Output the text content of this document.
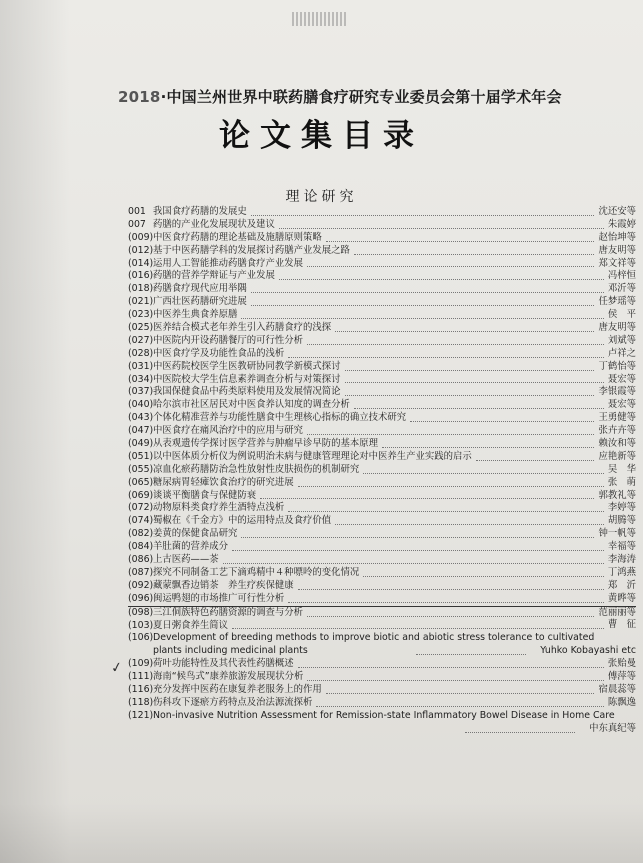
2018·中国兰州世界中联药膳食疗研究专业委员会第十届学术年会
论文集目录
理论研究
001 我国食疗药膳的发展史	沈还安等
007 药膳的产业化发展现状及建议	朱霞婷
(009) 中医食疗药膳的理论基础及施膳原则策略	赵怡坤等
(012) 基于中医药膳学科的发展探讨药膳产业发展之路	唐友明等
(014) 运用人工智能推动药膳食疗产业发展	郑文祥等
(016) 药膳的营养学辩证与产业发展	冯梓恒
(018) 药膳食疗现代应用举隅	邓沂等
(021) 广西壮医药膳研究进展	任梦瑶等
(023) 中医养生典食养原膳	侯　平
(025) 医养结合模式老年养生引入药膳食疗的浅探	唐友明等
(027) 中医院内开设药膳餐厅的可行性分析	刘斌等
(028) 中医食疗学及功能性食品的浅析	卢祥之
(031) 中医药院校医学生医教研协同教学新模式探讨	丁鹤怡等
(034) 中医院校大学生信息素养调查分析与对策探讨	聂宏等
(037) 我国保健食品中药类原料使用及发展情况简论	李银霞等
(040) 哈尔滨市社区居民对中医食养认知度的调查分析	聂宏等
(043) 个体化精准营养与功能性膳食中生理核心指标的确立技术研究	王勇健等
(047) 中医食疗在痛风治疗中的应用与研究	张卉卉等
(049) 从表观遗传学探讨医学营养与肿瘤早诊早防的基本原理	赖汝和等
(051) 以中医体质分析仪为例说明治未病与健康管理理论对中医养生产业实践的启示	应艳新等
(055) 凉血化瘀药膳防治急性放射性皮肤损伤的机制研究	吴　华
(065) 糖尿病胃轻瘫饮食治疗的研究进展	张　萌
(069) 谈谈平衡膳食与保健防衰	郭教礼等
(072) 动物原料类食疗养生酒特点浅析	李婷等
(074) 蜀椒在《千金方》中的运用特点及食疗价值	胡腾等
(082) 姜黄的保健食品研究	钟一帆等
(084) 羊肚菌的营养成分	幸福等
(086) 上古医药——茶	李海涛
(087) 探究不同制备工艺下滴鸡精中４种嘌呤的变化情况	丁鸿燕
(092) 藏蒙飘香边销茶　养生疗疾保健康	郑　沂
(096) 闽运鸭翅的市场推广可行性分析	黄晔等
(098) 三江侗族特色药膳资源的调查与分析	范丽丽等
(103) 夏日粥食养生简议	曹　征
(106) Development of breeding methods to improve biotic and abiotic stress tolerance to cultivated plants including medicinal plants	Yuhko Kobayashi etc
(109) 荷叶功能特性及其代表性药膳概述	张贻曼
(111) 海南“候鸟式”康养旅游发展现状分析	傅萍等
(116) 充分发挥中医药在康复养老服务上的作用	宿晨蕊等
(118) 伤科攻下逐瘀方药特点及治法源流探析	陈飘逸
(121) Non-invasive Nutrition Assessment for Remission-state Inflammatory Bowel Disease in Home Care
中东真纪等
✓
